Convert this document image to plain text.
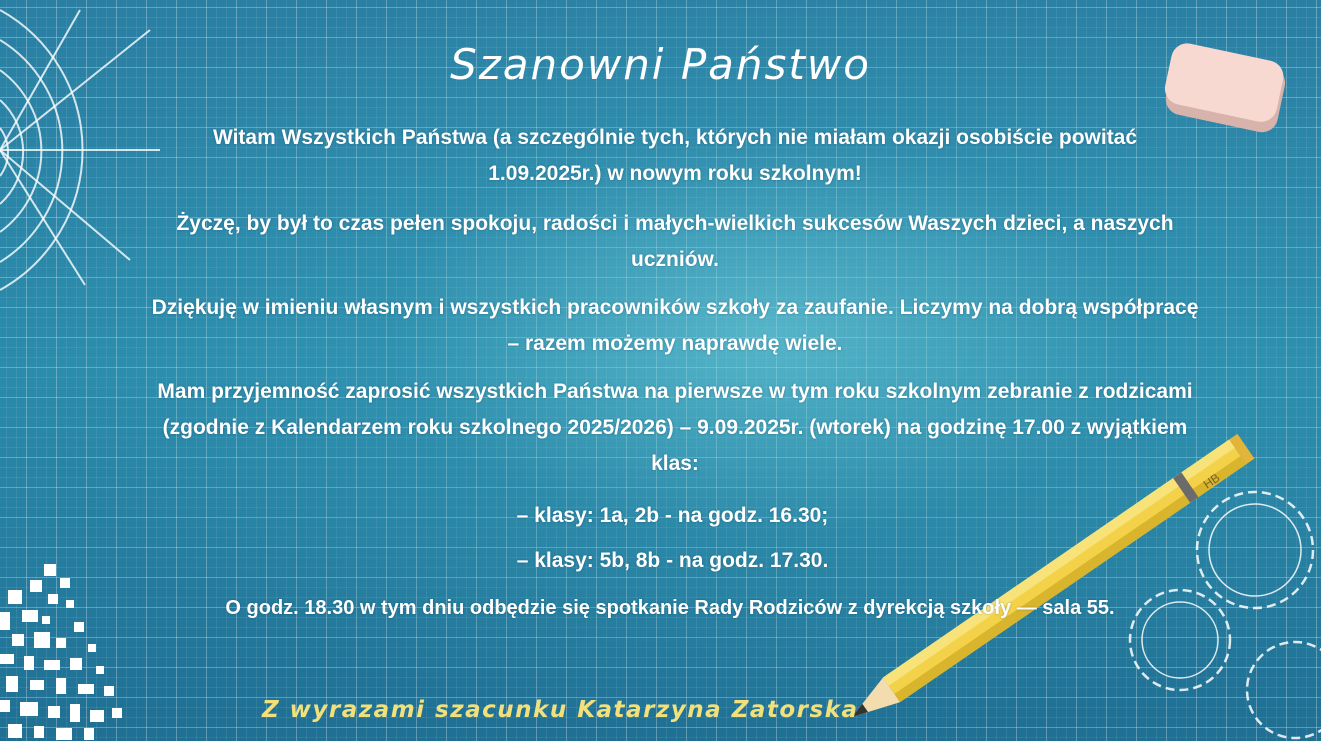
HB
Szanowni Państwo
Witam Wszystkich Państwa (a szczególnie tych, których nie miałam okazji osobiście powitać 1.09.2025r.) w nowym roku szkolnym!
Życzę, by był to czas pełen spokoju, radości i małych-wielkich sukcesów Waszych dzieci, a naszych uczniów.
Dziękuję w imieniu własnym i wszystkich pracowników szkoły za zaufanie. Liczymy na dobrą współpracę – razem możemy naprawdę wiele.
Mam przyjemność zaprosić wszystkich Państwa na pierwsze w tym roku szkolnym zebranie z rodzicami (zgodnie z Kalendarzem roku szkolnego 2025/2026) – 9.09.2025r. (wtorek) na godzinę 17.00 z wyjątkiem klas:
– klasy: 1a, 2b - na godz. 16.30;
– klasy: 5b, 8b - na godz. 17.30.
O godz. 18.30 w tym dniu odbędzie się spotkanie Rady Rodziców z dyrekcją szkoły — sala 55.
Z wyrazami szacunku Katarzyna Zatorska
